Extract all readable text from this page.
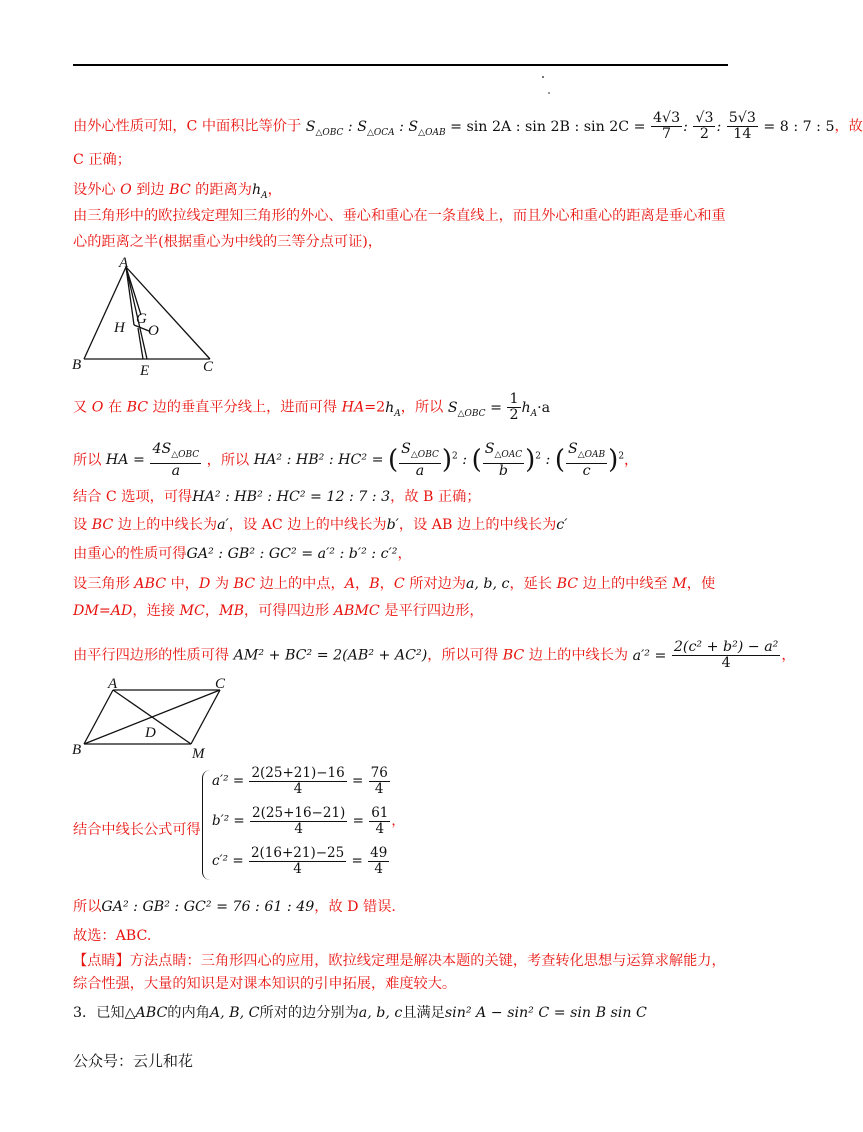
由外心性质可知，C 中面积比等价于 $S_{\triangle OBC}$ : $S_{\triangle OCA}$ : $S_{\triangle OAB} = \sin 2A$ : sin 2B : $\sin 2C = \frac{4√3}{7}$ : $\frac{√3}{2}$ : $\frac{5√3}{14} = 8$ : 7 : 5，故
C 正确；
设外心 O 到边 BC 的距离为$h_A$，
由三角形中的欧拉线定理知三角形的外心、垂心和重心在一条直线上，而且外心和重心的距离是垂心和重
心的距离之半(根据重心为中线的三等分点可证)，
A
B	C
E
H
G
O
又 O 在 BC 边的垂直平分线上，进而可得 $HA=2h_A$，所以 $S_{\triangle OBC} = \frac{1}{2} h_A\cdot a$
所以 HA = $\frac{4S_{\triangle OBC}}{a}$ ，所以 HA² : HB² : HC² = ( $\frac{S_{\triangle OBC}}{a} )^2$ : ( $\frac{S_{\triangle OAC}}{b} )^2$ : ( $\frac{S_{\triangle OAB}}{c} )^2$，
结合 C 选项，可得HA² : HB² : HC² = 12 : 7 : 3，故 B 正确；
设 BC 边上的中线长为a′，设 AC 边上的中线长为b′，设 AB 边上的中线长为c′
由重心的性质可得GA² : GB² : GC² = a′² : b′² : c′²，
设三角形 ABC 中，D 为 BC 边上的中点，A，B，C 所对边为a, b, c，延长 BC 边上的中线至 M，使
DM=AD，连接 MC，MB，可得四边形 ABMC 是平行四边形，
由平行四边形的性质可得 AM² + BC² = 2(AB² + AC²)，所以可得 BC 边上的中线长为 $a'^2 = \frac{\text{2(c² + b²) − a²}}{4}$ ，
A	C
B
D
M
结合中线长公式可得
$a'^2 = \frac{2(25+21)-16}{4} = \frac{76}{4}$
$b'^2 = \frac{2(25+16-21)}{4} = \frac{61}{4}$ ，
$c'^2 = \frac{2(16+21)-25}{4} = \frac{49}{4}$
所以GA² : GB² : GC² = 76 : 61 : 49，故 D 错误.
故选：ABC.
【点睛】方法点睛：三角形四心的应用，欧拉线定理是解决本题的关键，考查转化思想与运算求解能力，
综合性强，大量的知识是对课本知识的引申拓展，难度较大。
3．已知△ABC的内角A, B, C所对的边分别为a, b, c且满足sin² A − sin² C = sin B sin C
公众号：云儿和花
